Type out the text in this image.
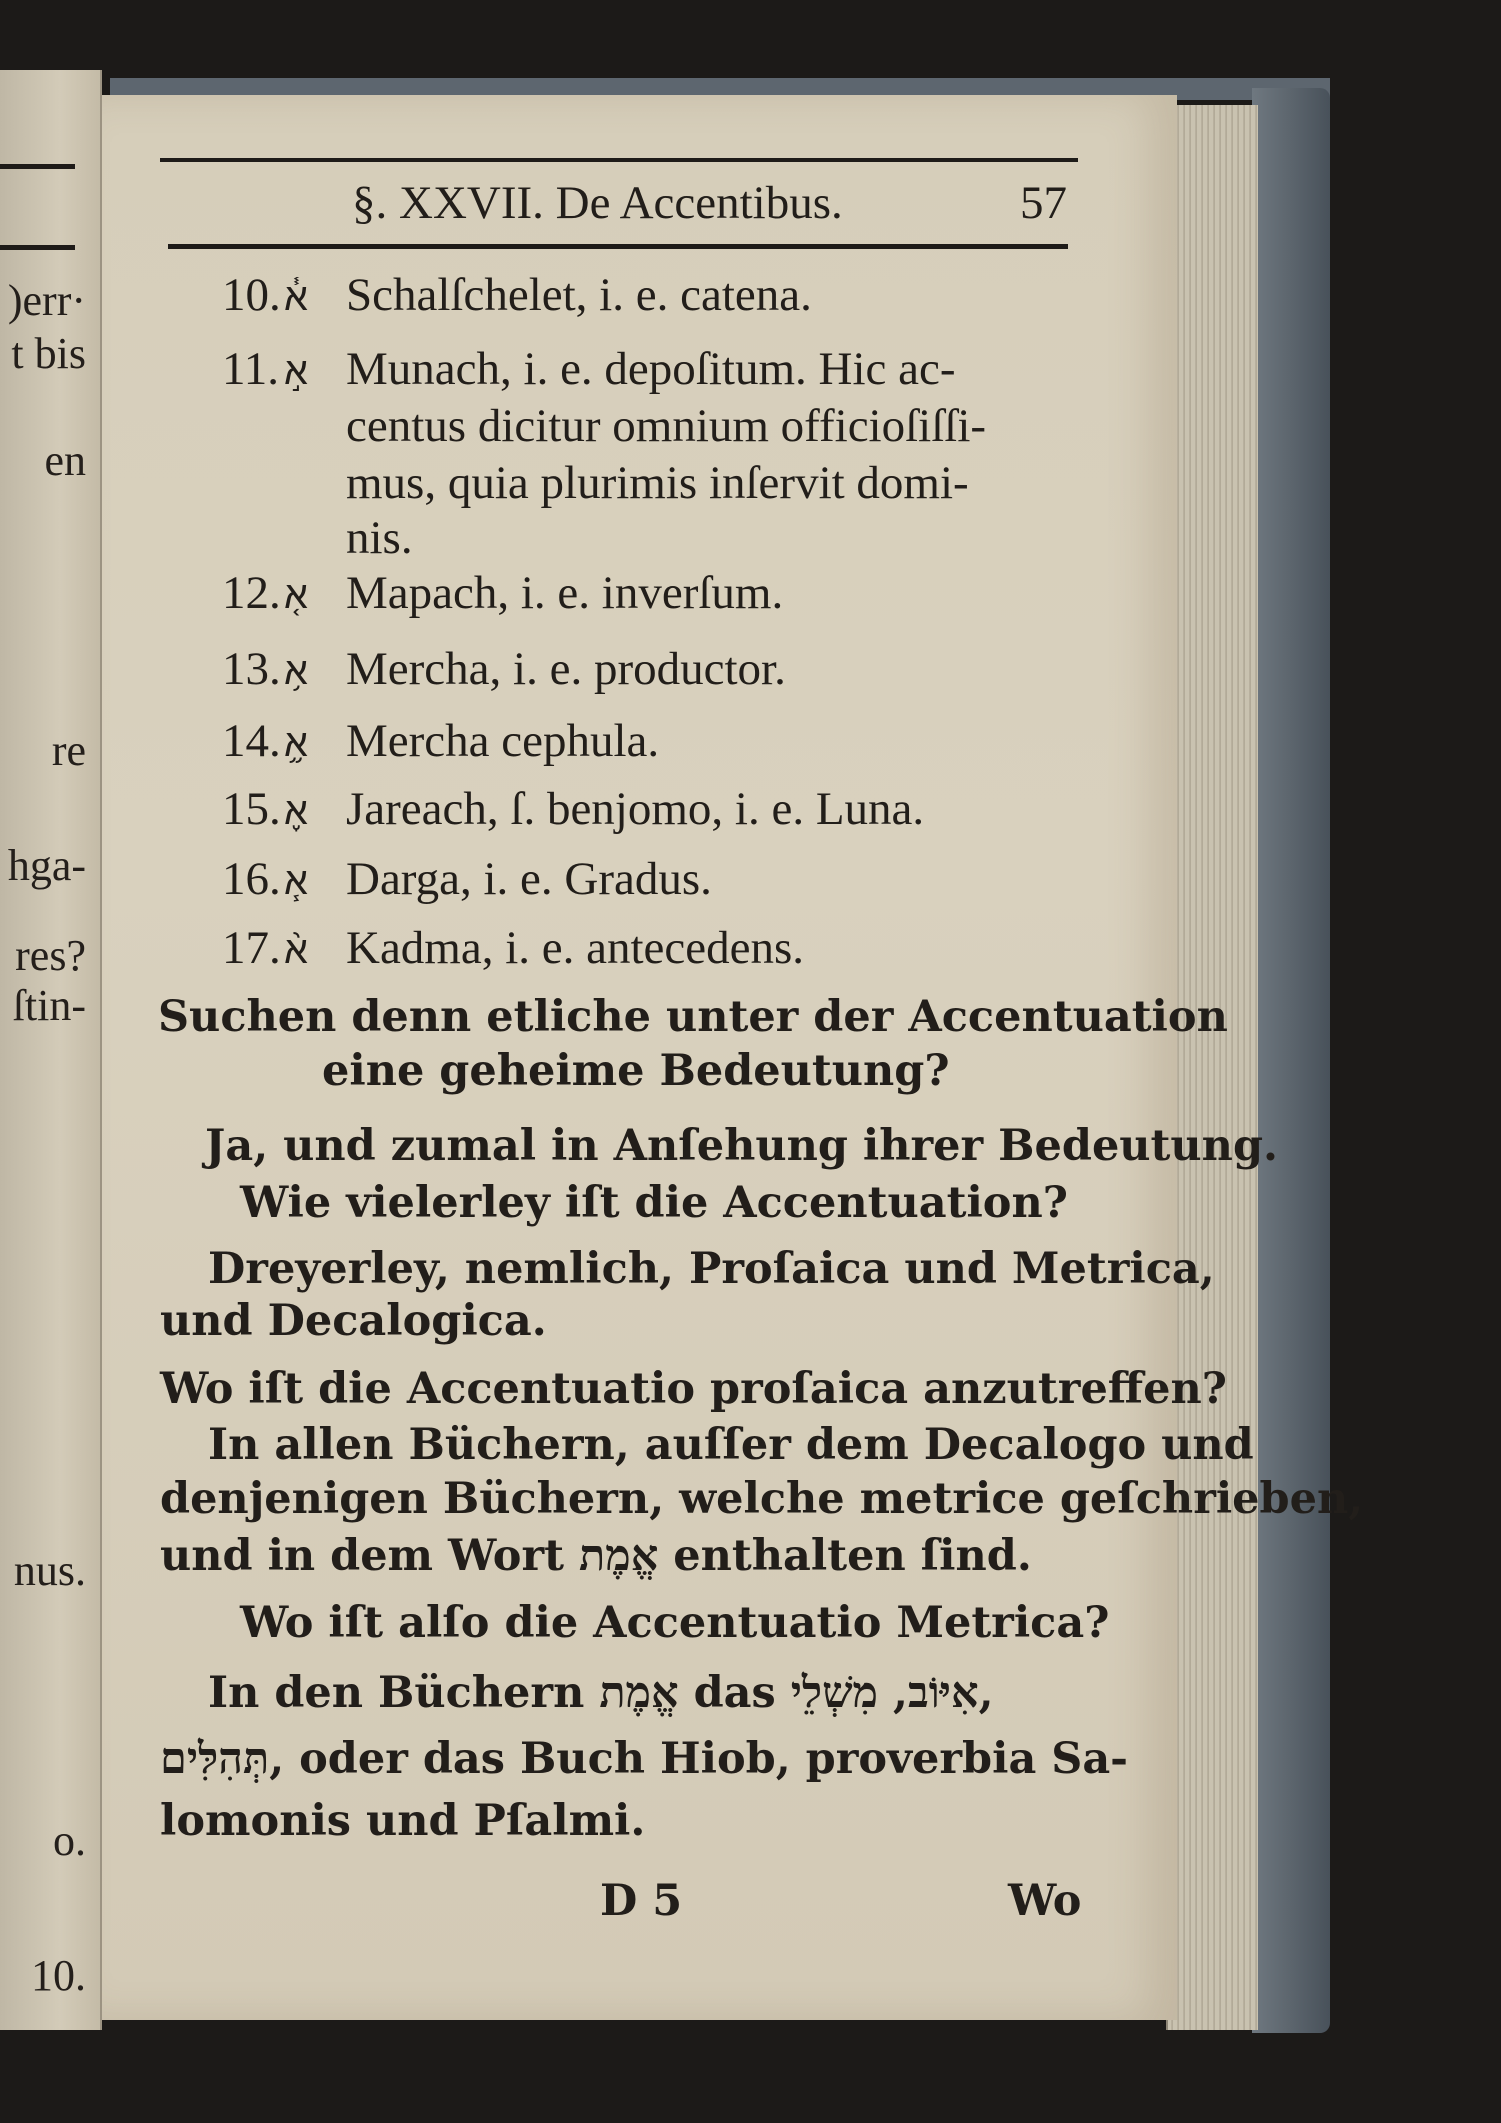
)err·
t bis
en
re
hga-
res?
ſtin-
nus.
o.
10.
§. XXVII. De Accentibus.	57
10.א֓ Schalſchelet, i. e. catena.
11. א֣ Munach, i. e. depoſitum. Hic ac-
centus dicitur omnium officioſiſſi-
mus, quia plurimis inſervit domi-
nis.
12.א֤ Mapach, i. e. inverſum.
13.א֥ Mercha, i. e. productor.
14.א֦ Mercha cephula.
15.א֪ Jareach, ſ. benjomo, i. e. Luna.
16.א֧ Darga, i. e. Gradus.
17.א֨ Kadma, i. e. antecedens.
Suchen denn etliche unter der Accentuation
eine geheime Bedeutung?
Ja, und zumal in Anſehung ihrer Bedeutung.
Wie vielerley iſt die Accentuation?
Dreyerley, nemlich, Proſaica und Metrica,
und Decalogica.
Wo iſt die Accentuatio proſaica anzutreffen?
In allen Büchern, auſſer dem Decalogo und
denjenigen Büchern, welche metrice geſchrieben,
und in dem Wort אֱמֶת enthalten ſind.
Wo iſt alſo die Accentuatio Metrica?
In den Büchern אֱמֶת das אִיּוֹב, מִשְׁלֵי,
תְּהִלִּים, oder das Buch Hiob, proverbia Sa-
lomonis und Pſalmi.
D 5	Wo
